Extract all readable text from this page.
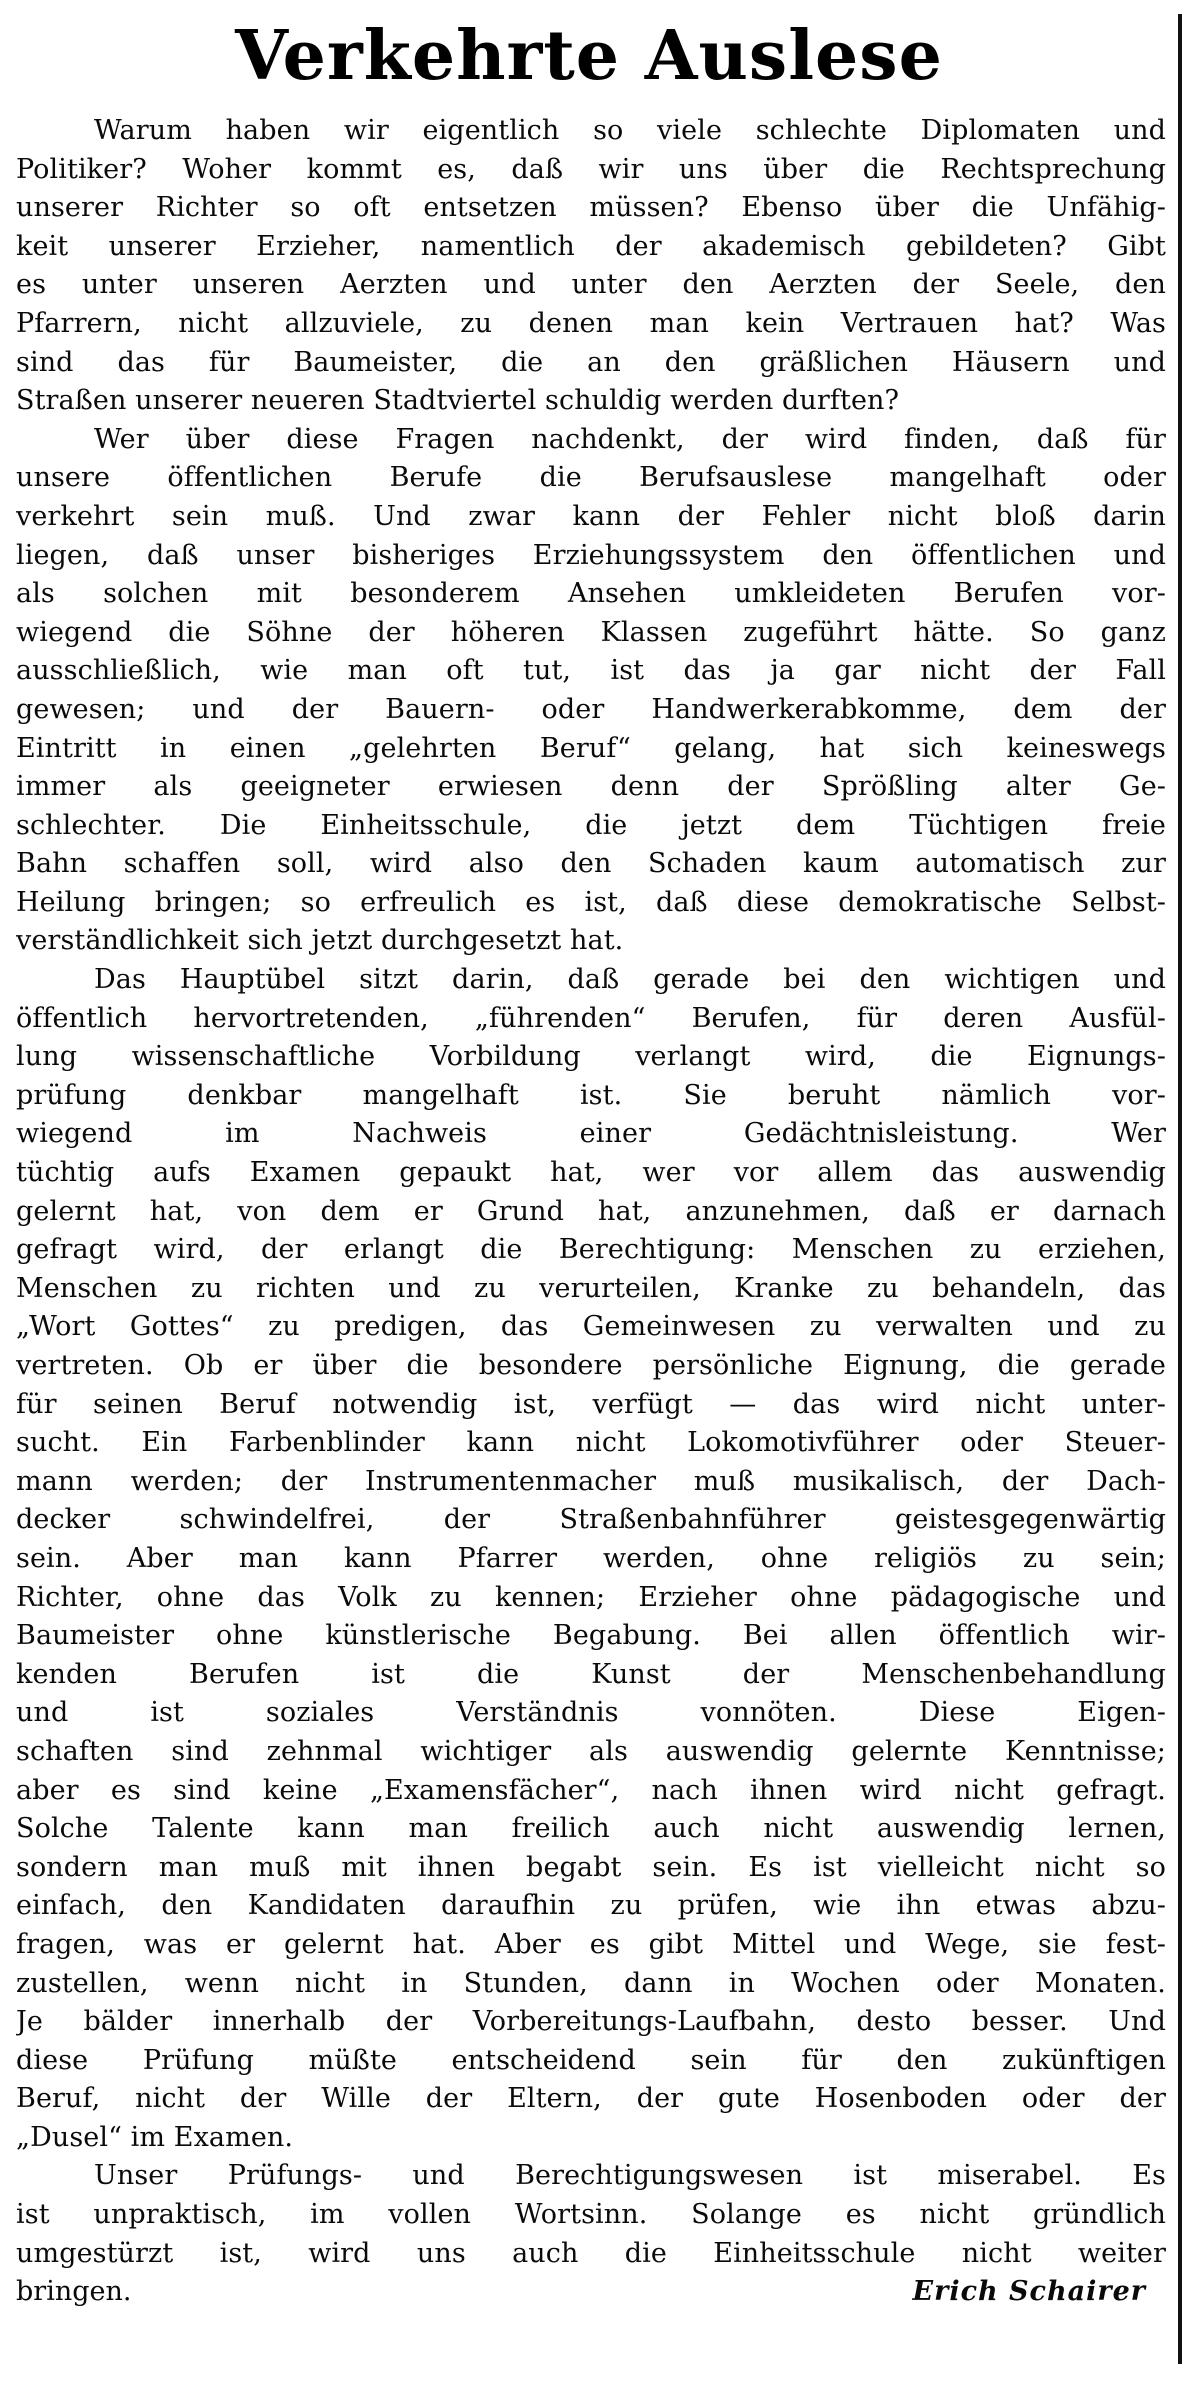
Verkehrte Auslese
Warum haben wir eigentlich so viele schlechte Diplomaten und
Politiker? Woher kommt es, daß wir uns über die Rechtsprechung
unserer Richter so oft entsetzen müssen? Ebenso über die Unfähig-
keit unserer Erzieher, namentlich der akademisch gebildeten? Gibt
es unter unseren Aerzten und unter den Aerzten der Seele, den
Pfarrern, nicht allzuviele, zu denen man kein Vertrauen hat? Was
sind das für Baumeister, die an den gräßlichen Häusern und
Straßen unserer neueren Stadtviertel schuldig werden durften?
Wer über diese Fragen nachdenkt, der wird finden, daß für
unsere öffentlichen Berufe die Berufsauslese mangelhaft oder
verkehrt sein muß. Und zwar kann der Fehler nicht bloß darin
liegen, daß unser bisheriges Erziehungssystem den öffentlichen und
als solchen mit besonderem Ansehen umkleideten Berufen vor-
wiegend die Söhne der höheren Klassen zugeführt hätte. So ganz
ausschließlich, wie man oft tut, ist das ja gar nicht der Fall
gewesen; und der Bauern- oder Handwerkerabkomme, dem der
Eintritt in einen „gelehrten Beruf“ gelang, hat sich keineswegs
immer als geeigneter erwiesen denn der Sprößling alter Ge-
schlechter. Die Einheitsschule, die jetzt dem Tüchtigen freie
Bahn schaffen soll, wird also den Schaden kaum automatisch zur
Heilung bringen; so erfreulich es ist, daß diese demokratische Selbst-
verständlichkeit sich jetzt durchgesetzt hat.
Das Hauptübel sitzt darin, daß gerade bei den wichtigen und
öffentlich hervortretenden, „führenden“ Berufen, für deren Ausfül-
lung wissenschaftliche Vorbildung verlangt wird, die Eignungs-
prüfung denkbar mangelhaft ist. Sie beruht nämlich vor-
wiegend im Nachweis einer Gedächtnisleistung. Wer
tüchtig aufs Examen gepaukt hat, wer vor allem das auswendig
gelernt hat, von dem er Grund hat, anzunehmen, daß er darnach
gefragt wird, der erlangt die Berechtigung: Menschen zu erziehen,
Menschen zu richten und zu verurteilen, Kranke zu behandeln, das
„Wort Gottes“ zu predigen, das Gemeinwesen zu verwalten und zu
vertreten. Ob er über die besondere persönliche Eignung, die gerade
für seinen Beruf notwendig ist, verfügt — das wird nicht unter-
sucht. Ein Farbenblinder kann nicht Lokomotivführer oder Steuer-
mann werden; der Instrumentenmacher muß musikalisch, der Dach-
decker schwindelfrei, der Straßenbahnführer geistesgegenwärtig
sein. Aber man kann Pfarrer werden, ohne religiös zu sein;
Richter, ohne das Volk zu kennen; Erzieher ohne pädagogische und
Baumeister ohne künstlerische Begabung. Bei allen öffentlich wir-
kenden Berufen ist die Kunst der Menschenbehandlung
und ist soziales Verständnis vonnöten. Diese Eigen-
schaften sind zehnmal wichtiger als auswendig gelernte Kenntnisse;
aber es sind keine „Examensfächer“, nach ihnen wird nicht gefragt.
Solche Talente kann man freilich auch nicht auswendig lernen,
sondern man muß mit ihnen begabt sein. Es ist vielleicht nicht so
einfach, den Kandidaten daraufhin zu prüfen, wie ihn etwas abzu-
fragen, was er gelernt hat. Aber es gibt Mittel und Wege, sie fest-
zustellen, wenn nicht in Stunden, dann in Wochen oder Monaten.
Je bälder innerhalb der Vorbereitungs-Laufbahn, desto besser. Und
diese Prüfung müßte entscheidend sein für den zukünftigen
Beruf, nicht der Wille der Eltern, der gute Hosenboden oder der
„Dusel“ im Examen.
Unser Prüfungs- und Berechtigungswesen ist miserabel. Es
ist unpraktisch, im vollen Wortsinn. Solange es nicht gründlich
umgestürzt ist, wird uns auch die Einheitsschule nicht weiter
bringen.	Erich Schairer
